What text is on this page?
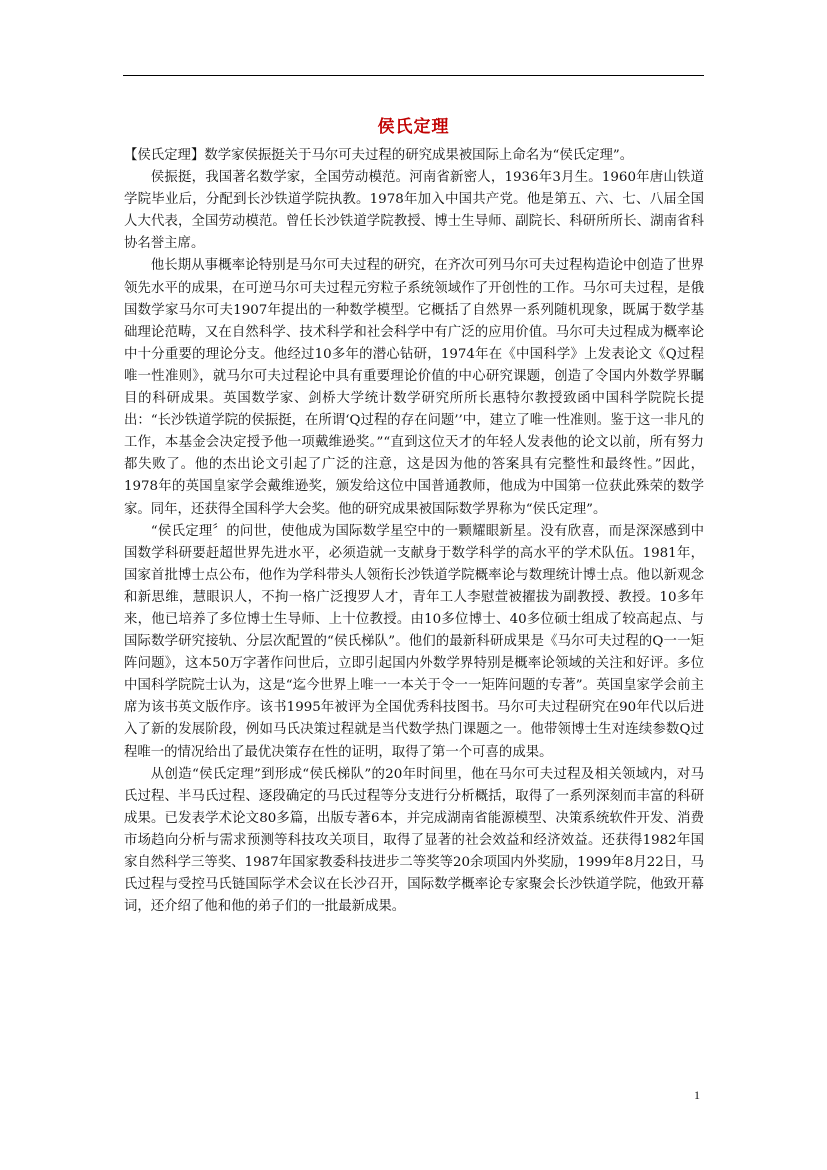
侯氏定理

【侯氏定理】数学家侯振挺关于马尔可夫过程的研究成果被国际上命名为“侯氏定理”。

侯振挺，我国著名数学家，全国劳动模范。河南省新密人，1936年3月生。1960年唐山铁道学院毕业后，分配到长沙铁道学院执教。1978年加入中国共产党。他是第五、六、七、八届全国人大代表，全国劳动模范。曾任长沙铁道学院教授、博士生导师、副院长、科研所所长、湖南省科协名誉主席。

他长期从事概率论特别是马尔可夫过程的研究，在齐次可列马尔可夫过程构造论中创造了世界领先水平的成果，在可逆马尔可夫过程元穷粒子系统领域作了开创性的工作。马尔可夫过程，是俄国数学家马尔可夫1907年提出的一种数学模型。它概括了自然界一系列随机现象，既属于数学基础理论范畴，又在自然科学、技术科学和社会科学中有广泛的应用价值。马尔可夫过程成为概率论中十分重要的理论分支。他经过10多年的潜心钻研，1974年在《中国科学》上发表论文《Q过程唯一性准则》，就马尔可夫过程论中具有重要理论价值的中心研究课题，创造了令国内外数学界瞩目的科研成果。英国数学家、剑桥大学统计数学研究所所长惠特尔教授致函中国科学院院长提出：“长沙铁道学院的侯振挺，在所谓‘Q过程的存在问题’’中，建立了唯一性准则。鉴于这一非凡的工作，本基金会决定授予他一项戴维逊奖。”“直到这位天才的年轻人发表他的论文以前，所有努力都失败了。他的杰出论文引起了广泛的注意，这是因为他的答案具有完整性和最终性。”因此，1978年的英国皇家学会戴维逊奖，颁发给这位中国普通教师，他成为中国第一位获此殊荣的数学家。同年，还获得全国科学大会奖。他的研究成果被国际数学界称为“侯氏定理”。

“侯氏定理〞的问世，使他成为国际数学星空中的一颗耀眼新星。没有欣喜，而是深深感到中国数学科研要赶超世界先进水平，必须造就一支献身于数学科学的高水平的学术队伍。1981年，国家首批博士点公布，他作为学科带头人领衔长沙铁道学院概率论与数理统计博士点。他以新观念和新思维，慧眼识人，不拘一格广泛搜罗人才，青年工人李慰萱被擢拔为副教授、教授。10多年来，他已培养了多位博士生导师、上十位教授。由10多位博士、40多位硕士组成了较高起点、与国际数学研究接轨、分层次配置的“侯氏梯队”。他们的最新科研成果是《马尔可夫过程的Q一一矩阵问题》，这本50万字著作问世后，立即引起国内外数学界特别是概率论领域的关注和好评。多位中国科学院院士认为，这是“迄今世界上唯一一本关于令一一矩阵问题的专著”。英国皇家学会前主席为该书英文版作序。该书1995年被评为全国优秀科技图书。马尔可夫过程研究在90年代以后进入了新的发展阶段，例如马氏决策过程就是当代数学热门课题之一。他带领博士生对连续参数Q过程唯一的情况给出了最优决策存在性的证明，取得了第一个可喜的成果。

从创造“侯氏定理”到形成“侯氏梯队”的20年时间里，他在马尔可夫过程及相关领域内，对马氏过程、半马氏过程、逐段确定的马氏过程等分支进行分析概括，取得了一系列深刻而丰富的科研成果。已发表学术论文80多篇，出版专著6本，并完成湖南省能源模型、决策系统软件开发、消费市场趋向分析与需求预测等科技攻关项目，取得了显著的社会效益和经济效益。还获得1982年国家自然科学三等奖、1987年国家教委科技进步二等奖等20余项国内外奖励，1999年8月22日，马氏过程与受控马氏链国际学术会议在长沙召开，国际数学概率论专家聚会长沙铁道学院，他致开幕词，还介绍了他和他的弟子们的一批最新成果。

1
